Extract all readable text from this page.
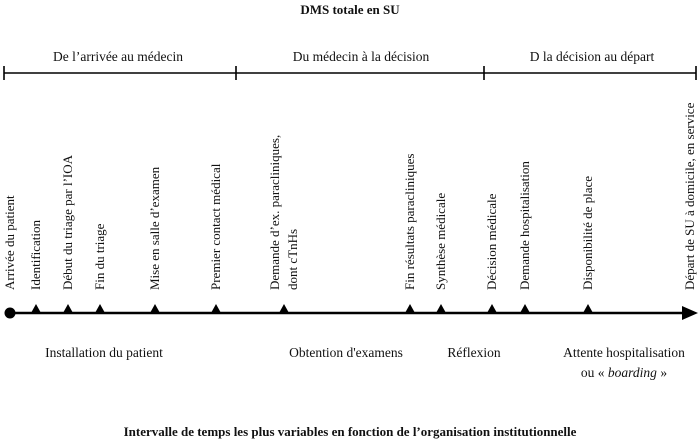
DMS totale en SU
De l’arrivée au médecin	Du médecin à la décision	D la décision au départ
Arrivée du patient Identification Début du triage par l’IOA Fin du triage	Mise en salle d’examen	Premier contact médical	Demande d’ex. paracliniques, dont cTnHs	Fin résultats paracliniques Synthèse médicale	Décision médicale Demande hospitalisation	Disponibilité de place	Départ de SU à domicile, en service
Installation du patient	Obtention d'examens	Réflexion	Attente hospitalisation
ou « boarding »
Intervalle de temps les plus variables en fonction de l’organisation institutionnelle
